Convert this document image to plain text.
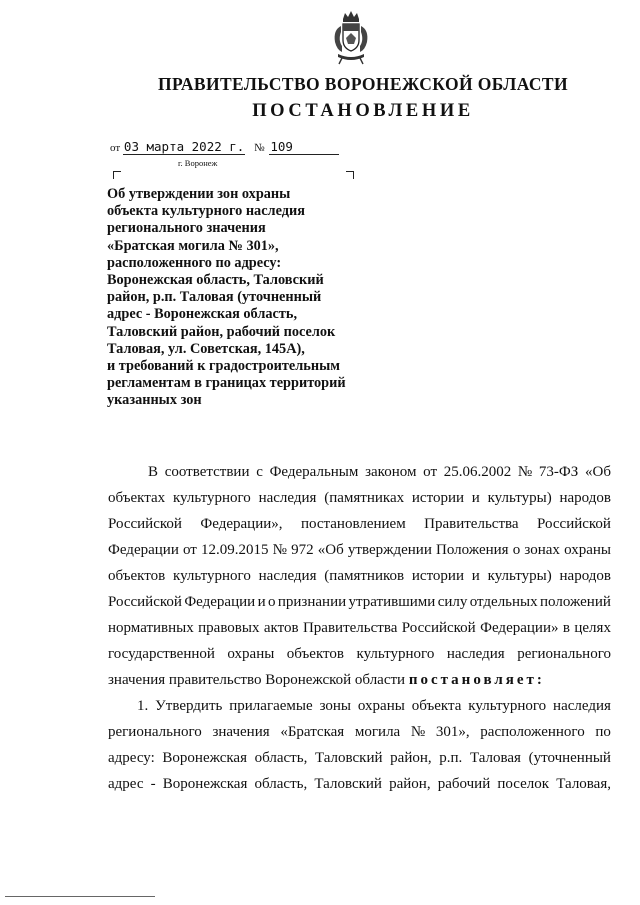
ПРАВИТЕЛЬСТВО ВОРОНЕЖСКОЙ ОБЛАСТИ
ПОСТАНОВЛЕНИЕ
от 03 марта 2022 г. № 109
г. Воронеж
Об утверждении зон охраны
объекта культурного наследия
регионального значения
«Братская могила № 301»,
расположенного по адресу:
Воронежская область, Таловский
район, р.п. Таловая (уточненный
адрес - Воронежская область,
Таловский район, рабочий поселок
Таловая, ул. Советская, 145А),
и требований к градостроительным
регламентам в границах территорий
указанных зон
В соответствии с Федеральным законом от 25.06.2002 № 73-ФЗ «Об
объектах культурного наследия (памятниках истории и культуры) народов
Российской Федерации», постановлением Правительства Российской
Федерации от 12.09.2015 № 972 «Об утверждении Положения о зонах охраны
объектов культурного наследия (памятников истории и культуры) народов
Российской Федерации и о признании утратившими силу отдельных положений
нормативных правовых актов Правительства Российской Федерации» в целях
государственной охраны объектов культурного наследия регионального
значения правительство Воронежской области постановляет:
1. Утвердить прилагаемые зоны охраны объекта культурного наследия
регионального значения «Братская могила № 301», расположенного по
адресу: Воронежская область, Таловский район, р.п. Таловая (уточненный
адрес - Воронежская область, Таловский район, рабочий поселок Таловая,
